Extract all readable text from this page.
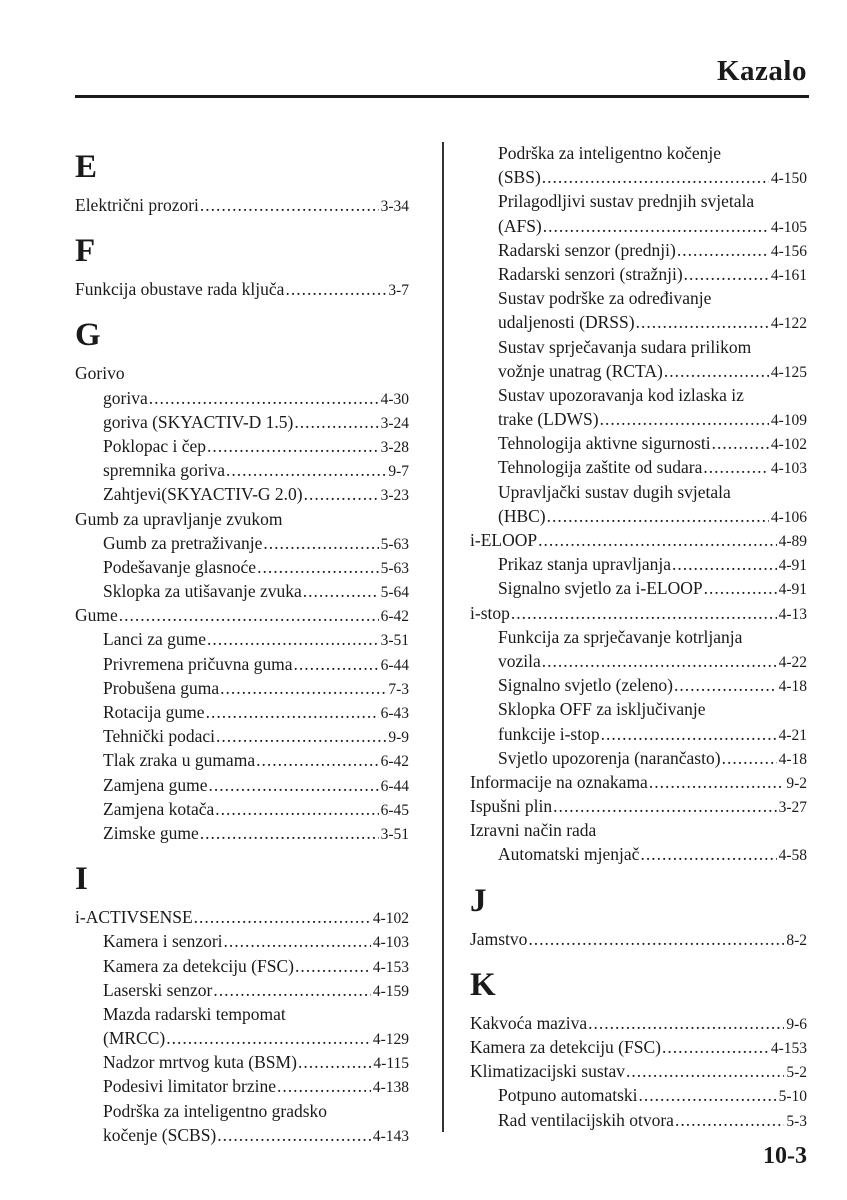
Kazalo
E
Električni prozori .....	3-34
F
Funkcija obustave rada ključa .....	3-7
G
Gorivo
goriva .....	4-30
goriva (SKYACTIV-D 1.5) .....	3-24
Poklopac i čep .....	3-28
spremnika goriva .....	9-7
Zahtjevi(SKYACTIV-G 2.0) .....	3-23
Gumb za upravljanje zvukom
Gumb za pretraživanje .....	5-63
Podešavanje glasnoće .....	5-63
Sklopka za utišavanje zvuka .....	5-64
Gume .....	6-42
Lanci za gume .....	3-51
Privremena pričuvna guma .....	6-44
Probušena guma .....	7-3
Rotacija gume .....	6-43
Tehnički podaci .....	9-9
Tlak zraka u gumama .....	6-42
Zamjena gume .....	6-44
Zamjena kotača .....	6-45
Zimske gume .....	3-51
I
i-ACTIVSENSE .....	4-102
Kamera i senzori .....	4-103
Kamera za detekciju (FSC) .....	4-153
Laserski senzor .....	4-159
Mazda radarski tempomat
(MRCC) .....	4-129
Nadzor mrtvog kuta (BSM) .....	4-115
Podesivi limitator brzine .....	4-138
Podrška za inteligentno gradsko
kočenje (SCBS) .....	4-143
Podrška za inteligentno kočenje
(SBS) .....	4-150
Prilagodljivi sustav prednjih svjetala
(AFS) .....	4-105
Radarski senzor (prednji) .....	4-156
Radarski senzori (stražnji) .....	4-161
Sustav podrške za određivanje
udaljenosti (DRSS) .....	4-122
Sustav sprječavanja sudara prilikom
vožnje unatrag (RCTA) .....	4-125
Sustav upozoravanja kod izlaska iz
trake (LDWS) .....	4-109
Tehnologija aktivne sigurnosti .....	4-102
Tehnologija zaštite od sudara .....	4-103
Upravljački sustav dugih svjetala
(HBC) .....	4-106
i-ELOOP .....	4-89
Prikaz stanja upravljanja .....	4-91
Signalno svjetlo za i-ELOOP .....	4-91
i-stop .....	4-13
Funkcija za sprječavanje kotrljanja
vozila .....	4-22
Signalno svjetlo (zeleno) .....	4-18
Sklopka OFF za isključivanje
funkcije i-stop .....	4-21
Svjetlo upozorenja (narančasto) .....	4-18
Informacije na oznakama .....	9-2
Ispušni plin .....	3-27
Izravni način rada
Automatski mjenjač .....	4-58
J
Jamstvo .....	8-2
K
Kakvoća maziva .....	9-6
Kamera za detekciju (FSC) .....	4-153
Klimatizacijski sustav .....	5-2
Potpuno automatski .....	5-10
Rad ventilacijskih otvora .....	5-3
10-3
